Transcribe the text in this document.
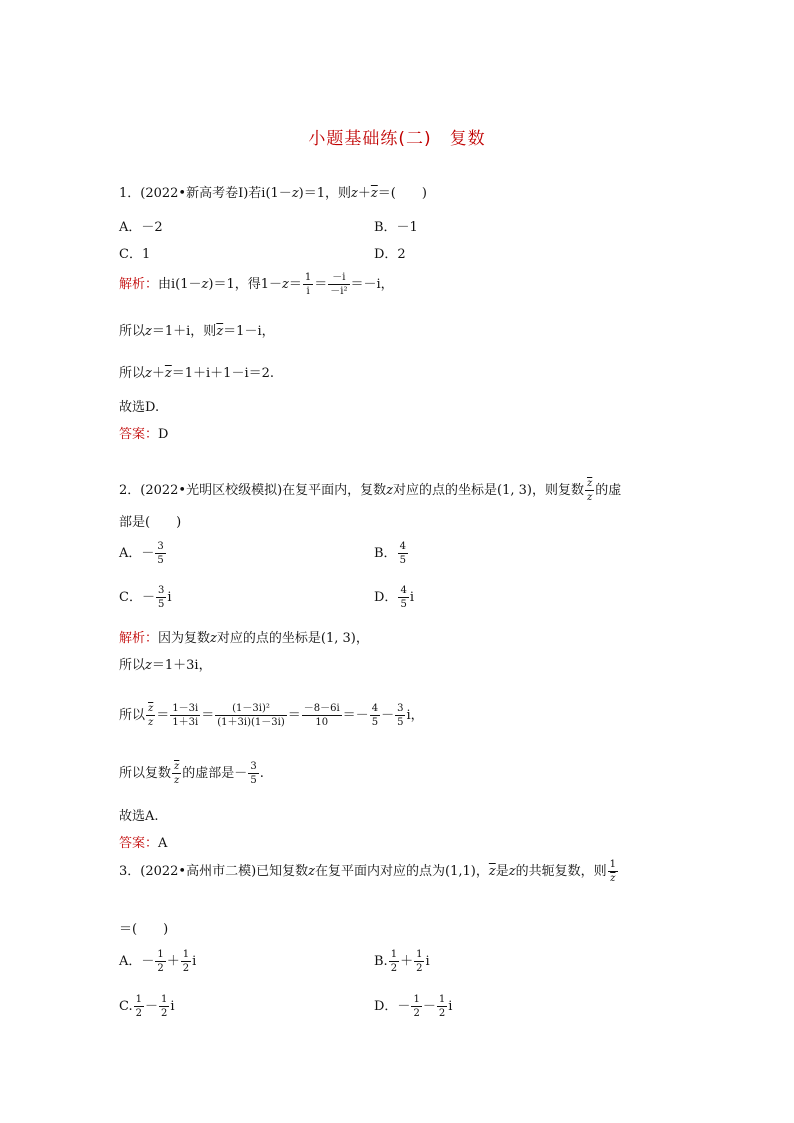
小题基础练(二) 复数
1．(2022•新高考卷Ⅰ)若i(1－z)＝1，则$z+\overline{z}=$(　　)
A．－2	B．－1
C．1	D．2
解析：由i(1－z)＝1，得$1-z= \frac{1}{i} = \frac{-i}{\text{－i²}} =-i$，
所以z＝1＋i，则$\overline{z}=1-i$，
所以$z+\overline{z}=1+i+1-i=2$.
故选D.
答案：D
2．(2022•光明区校级模拟)在复平面内，复数z对应的点的坐标是(1, 3)，则复数 $\frac{\overline{z}}{z}$ 的虚
部是(　　)
A．－ $\frac{3}{5}$	B． $\frac{4}{5}$
C．－ $\frac{3}{5}$ i	D． $\frac{4}{5}$ i
解析：因为复数z对应的点的坐标是(1, 3)，
所以z＝1＋3i，
所以 $\frac{\overline{z}}{z} = \frac{1-3i}{1+3i} = \frac{\text{(1－3i)²}}{(1+3i)(1-3i)} = \frac{-8-6i}{10} =- \frac{4}{5} - \frac{3}{5}$ i，
所以复数 $\frac{\overline{z}}{z}$ 的虚部是－ $\frac{3}{5}$ .
故选A.
答案：A
3．(2022•高州市二模)已知复数z在复平面内对应的点为(1,1)，$\overline{z}$是z的共轭复数，则 $\frac{1}{z}$
＝(　　)
A．－ $\frac{1}{2} + \frac{1}{2}$ i	B. $\frac{1}{2} + \frac{1}{2}$ i
C. $\frac{1}{2} - \frac{1}{2}$ i	D．－ $\frac{1}{2} - \frac{1}{2}$ i
